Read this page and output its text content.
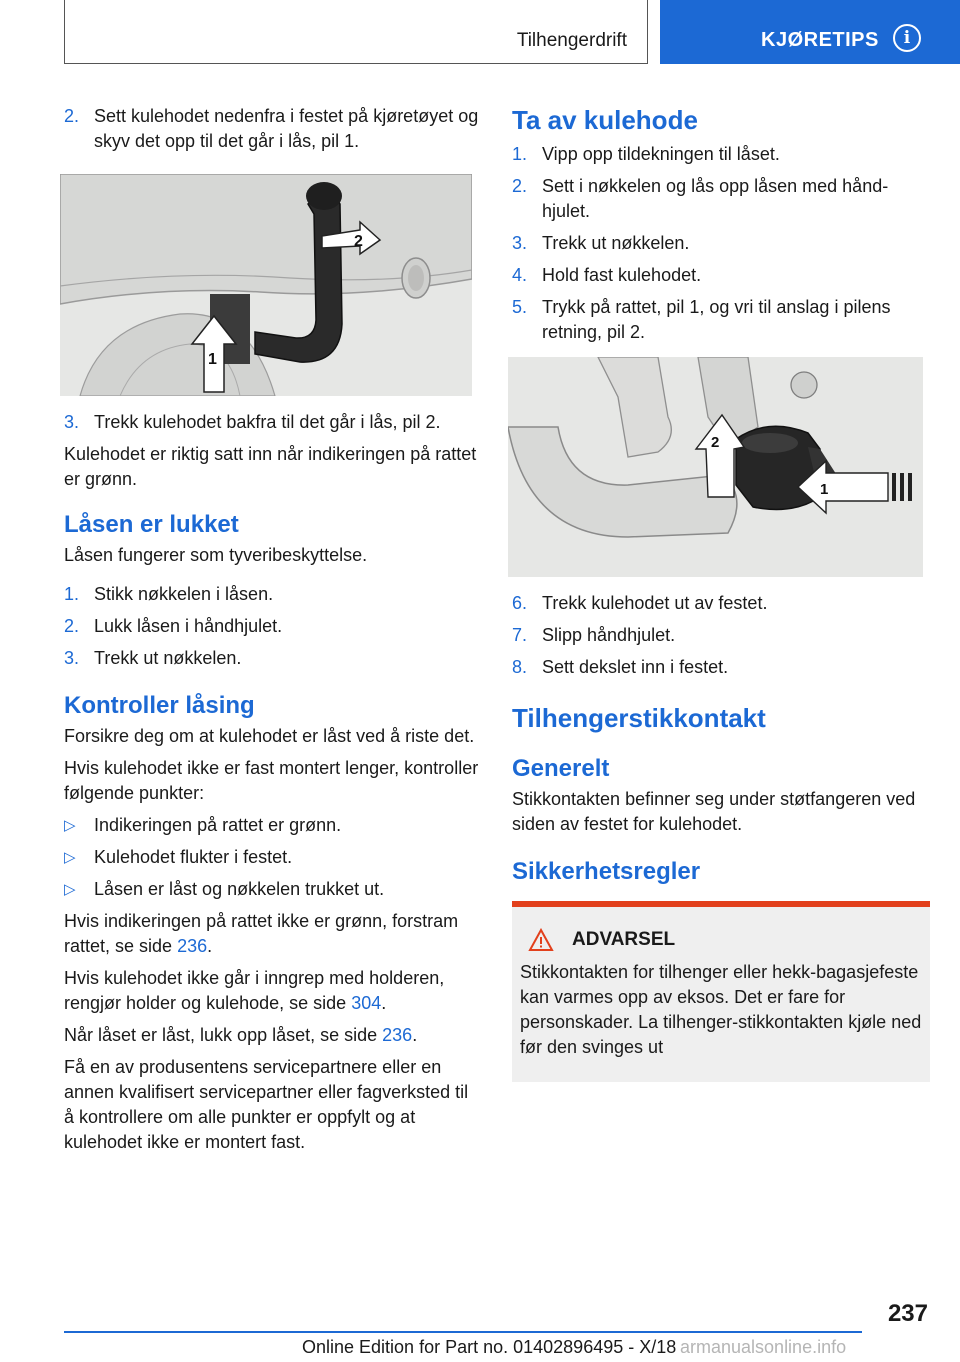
Tilhengerdrift	KJØRETIPS	i
2. Sett kulehodet nedenfra i festet på kjøretøyet og skyv det opp til det går i lås, pil 1.
2
1
3. Trekk kulehodet bakfra til det går i lås, pil 2.

Kulehodet er riktig satt inn når indikeringen på rattet er grønn.

Låsen er lukket

Låsen fungerer som tyveribeskyttelse.

1. Stikk nøkkelen i låsen.
2. Lukk låsen i håndhjulet.
3. Trekk ut nøkkelen.
Kontroller låsing

Forsikre deg om at kulehodet er låst ved å riste det.

Hvis kulehodet ikke er fast montert lenger, kontroller følgende punkter:

▷	Indikeringen på rattet er grønn.
▷	Kulehodet flukter i festet.
▷	Låsen er låst og nøkkelen trukket ut.

Hvis indikeringen på rattet ikke er grønn, forstram rattet, se side 236.

Hvis kulehodet ikke går i inngrep med holderen, rengjør holder og kulehode, se side 304.

Når låset er låst, lukk opp låset, se side 236.

Få en av produsentens servicepartnere eller en annen kvalifisert servicepartner eller fagverksted til å kontrollere om alle punkter er oppfylt og at kulehodet ikke er montert fast.

Ta av kulehode
1. Vipp opp tildekningen til låset.
2. Sett i nøkkelen og lås opp låsen med håndhjulet.
3. Trekk ut nøkkelen.
4. Hold fast kulehodet.
5. Trykk på rattet, pil 1, og vri til anslag i pilens retning, pil 2.
2
1
6. Trekk kulehodet ut av festet.
7. Slipp håndhjulet.
8. Sett dekslet inn i festet.
Tilhengerstikkontakt
Generelt

Stikkontakten befinner seg under støtfangeren ved siden av festet for kulehodet.

Sikkerhetsregler
ADVARSEL

Stikkontakten for tilhenger eller hekk-bagasjefeste kan varmes opp av eksos. Det er fare for personskader. La tilhenger-stikkontakten kjøle ned før den svinges ut

237
Online Edition for Part no. 01402896495 - X/18 armanualsonline.info
